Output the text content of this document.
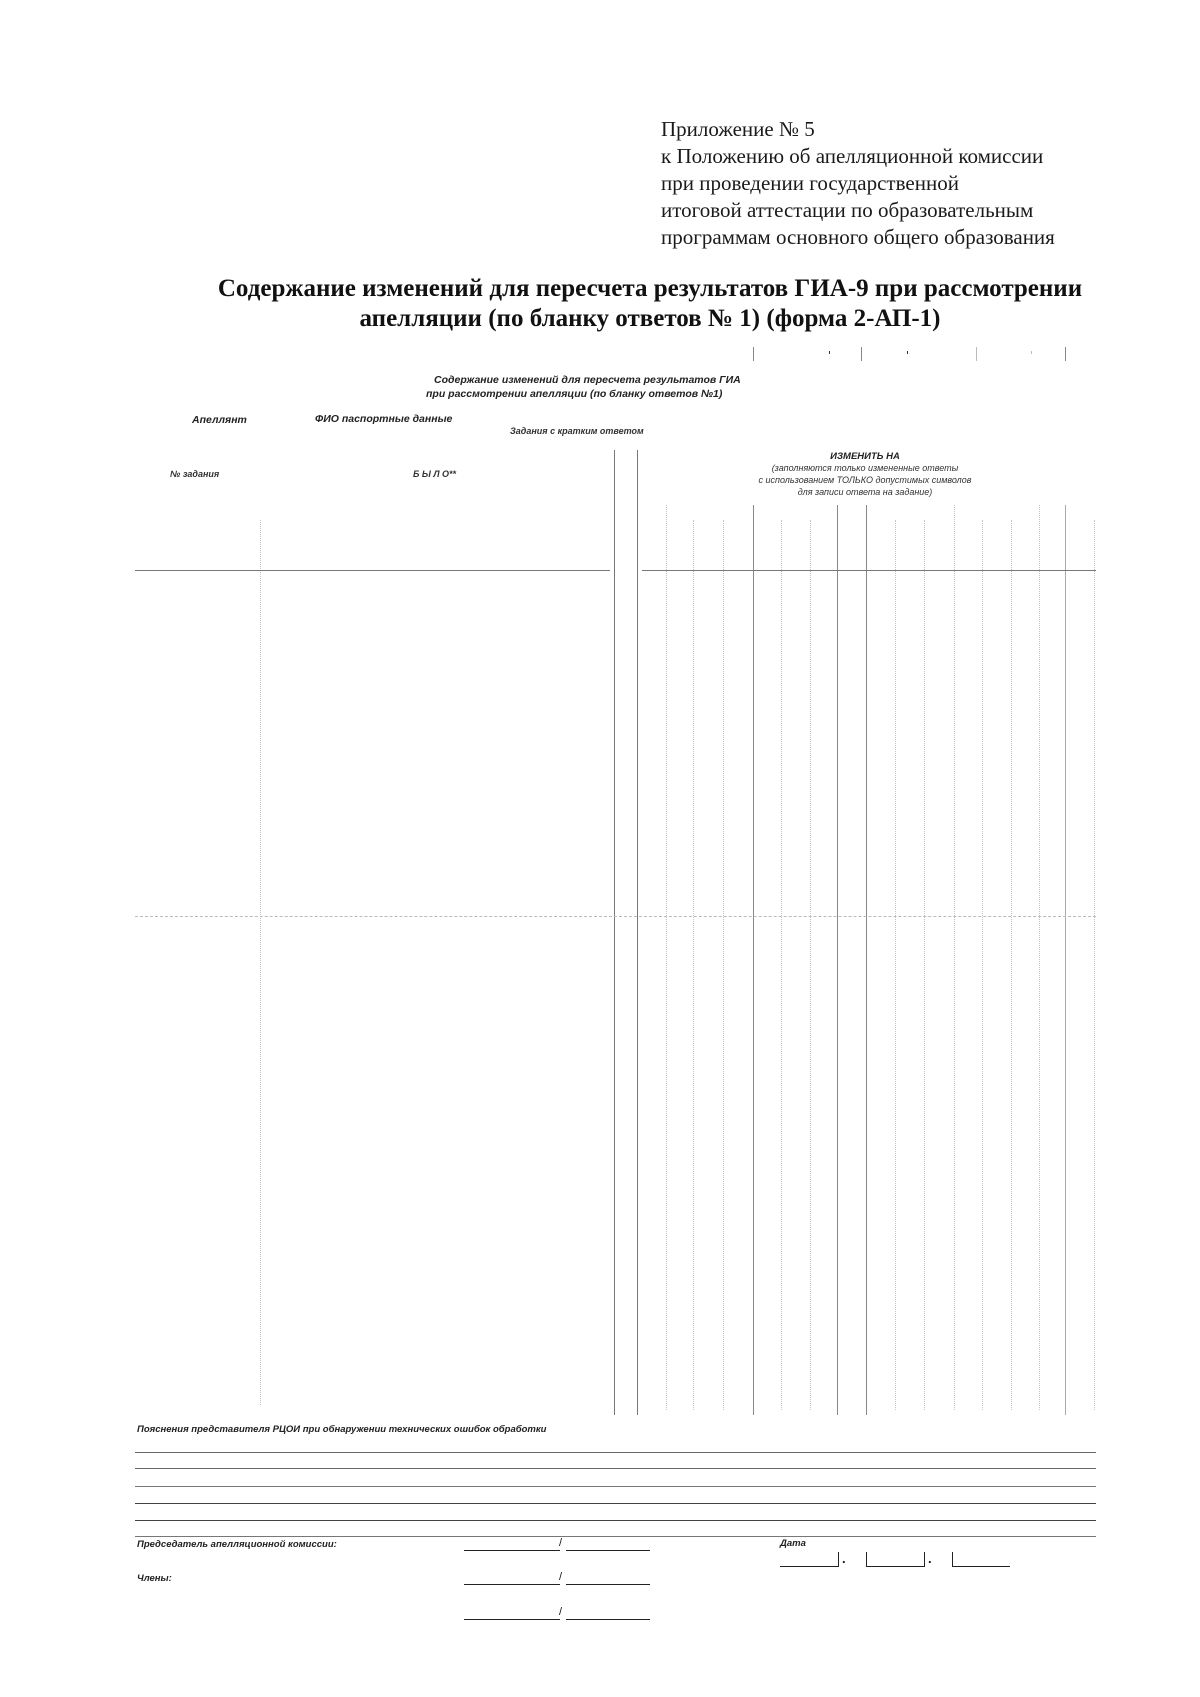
Приложение № 5
к Положению об апелляционной комиссии
при проведении государственной
итоговой аттестации по образовательным
программам основного общего образования
Содержание изменений для пересчета результатов ГИА-9 при рассмотрении
апелляции (по бланку ответов № 1) (форма 2-АП-1)
Содержание изменений для пересчета результатов ГИА
при рассмотрении апелляции (по бланку ответов №1)
Апеллянт	ФИО паспортные данные
Задания с кратким ответом
№ задания	Б Ы Л О**
ИЗМЕНИТЬ НА
(заполняются только измененные ответы
с использованием ТОЛЬКО допустимых символов
для записи ответа на задание)
Пояснения представителя РЦОИ при обнаружении технических ошибок обработки
Председатель апелляционной комиссии:
Члены:
/
/
/
Дата
.	.
